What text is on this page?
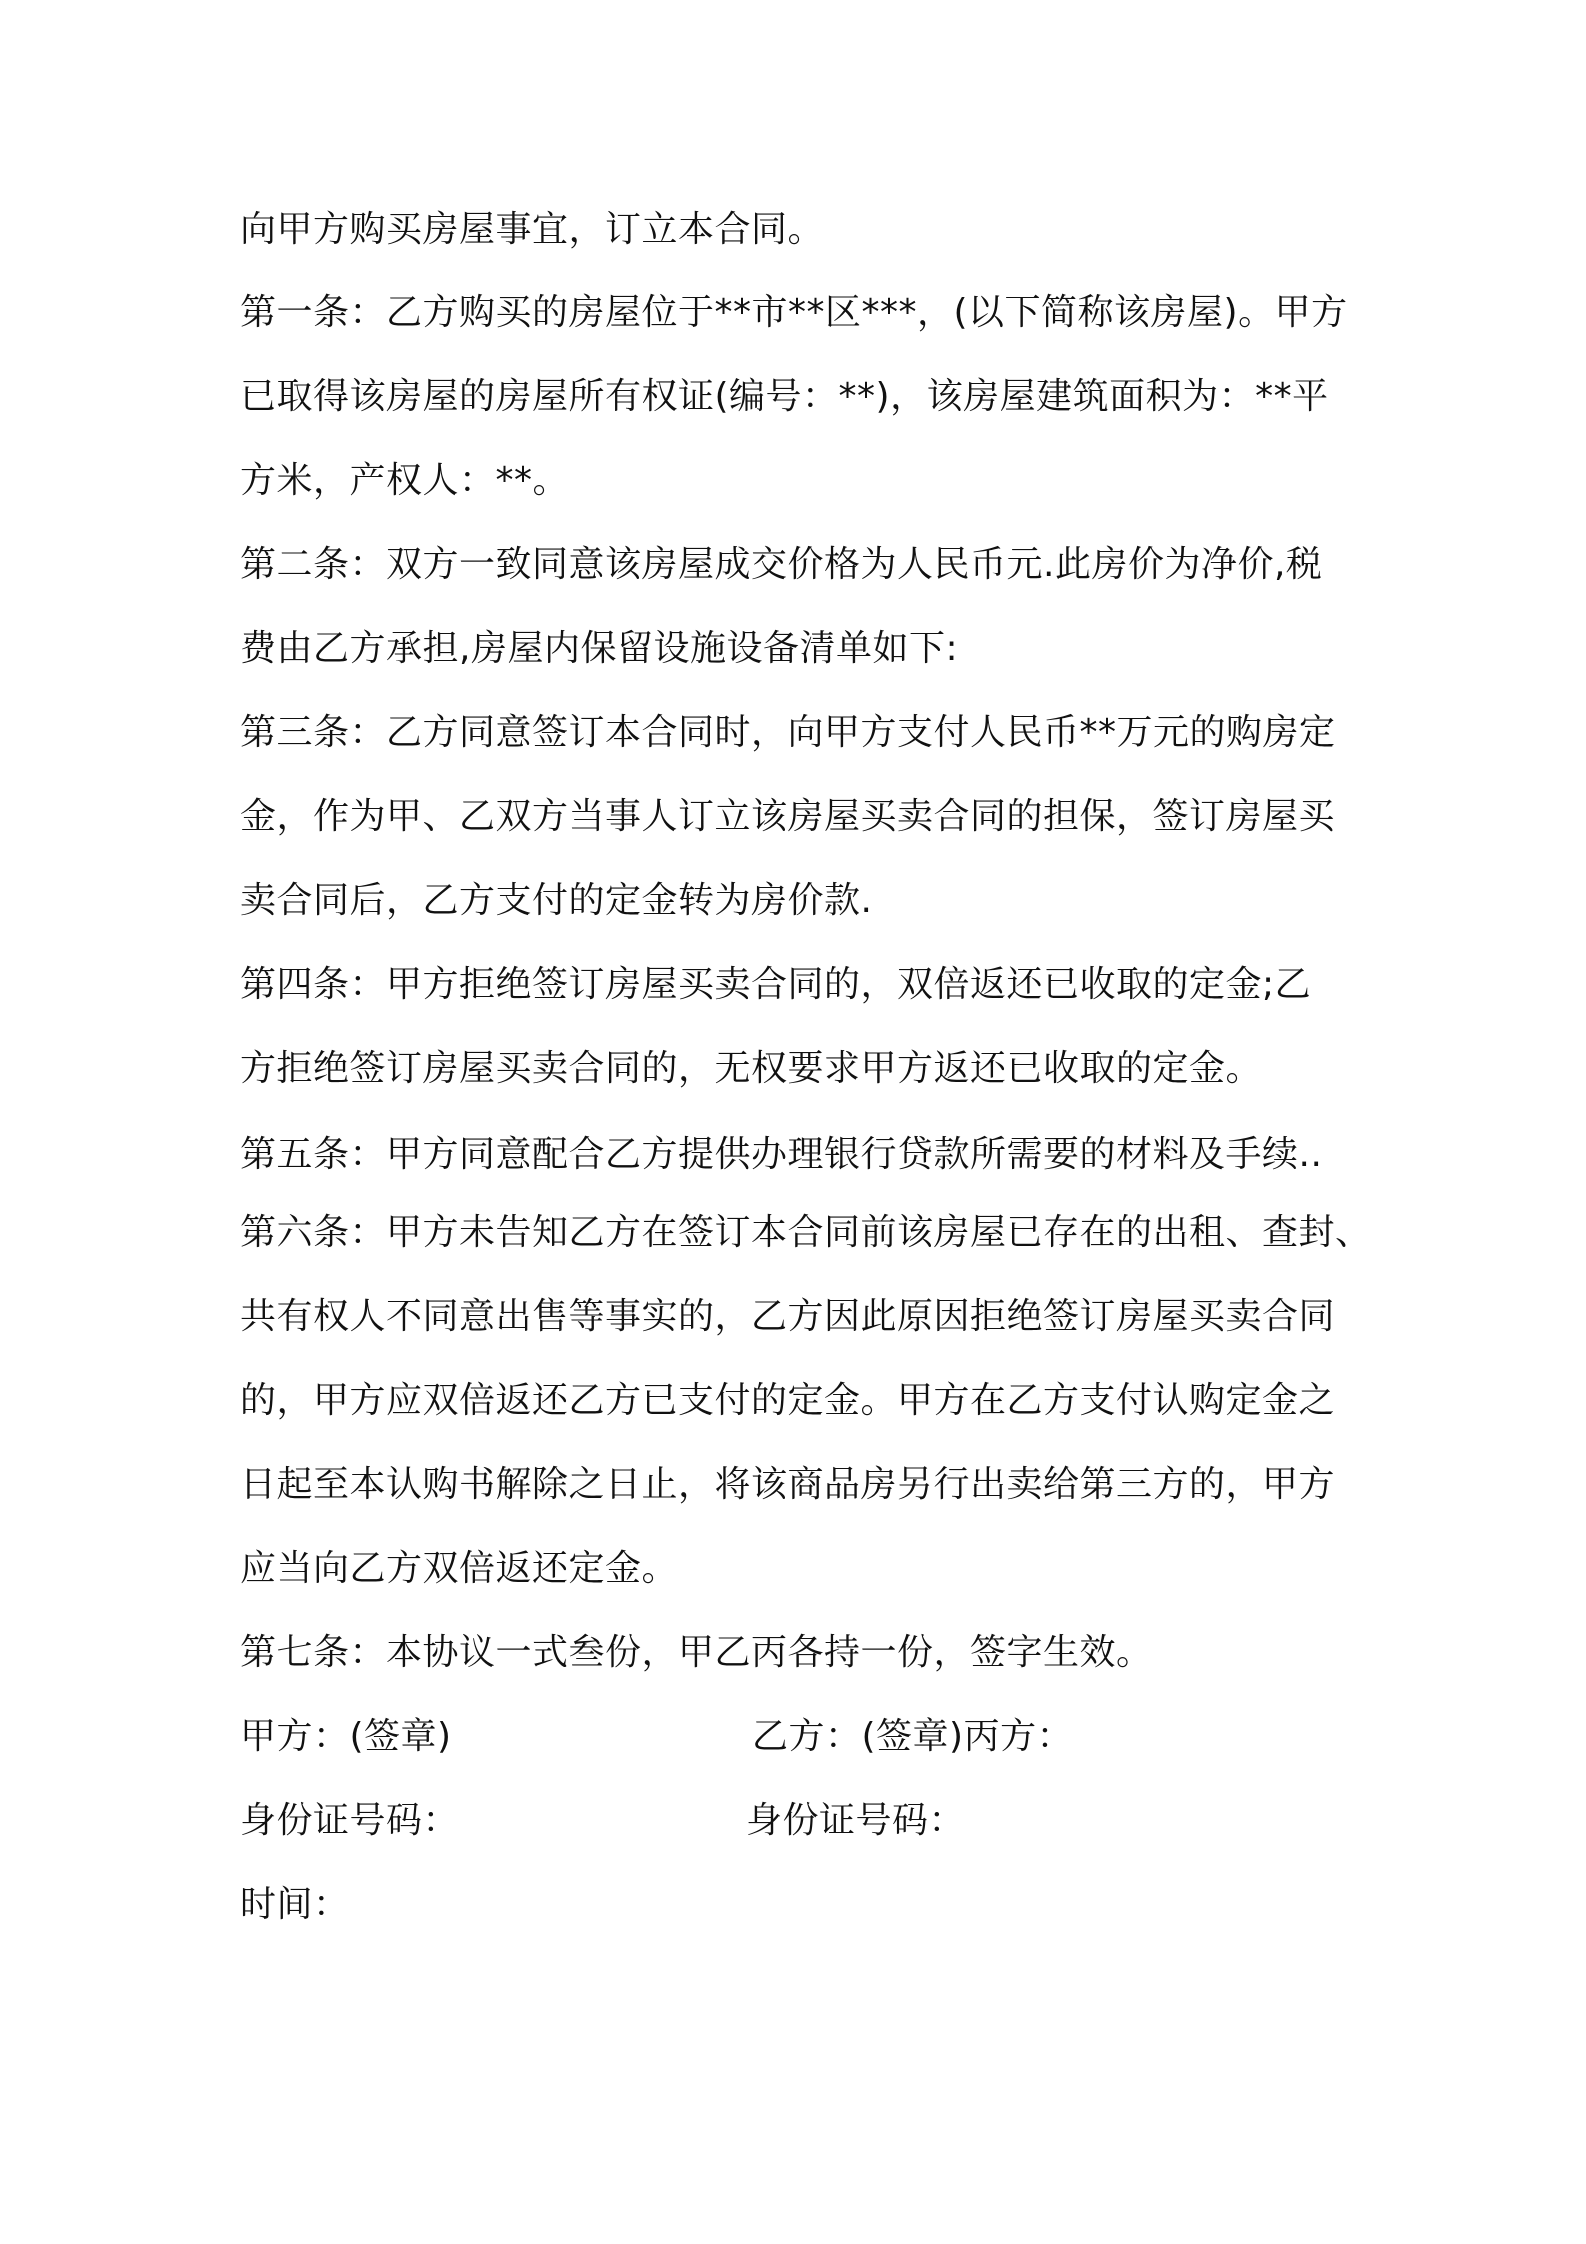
向甲方购买房屋事宜，订立本合同。
第一条：乙方购买的房屋位于**市**区***，(以下简称该房屋)。甲方
已取得该房屋的房屋所有权证(编号：**)，该房屋建筑面积为：**平
方米，产权人：**。
第二条：双方一致同意该房屋成交价格为人民币元.此房价为净价,税
费由乙方承担,房屋内保留设施设备清单如下:
第三条：乙方同意签订本合同时，向甲方支付人民币**万元的购房定
金，作为甲、乙双方当事人订立该房屋买卖合同的担保，签订房屋买
卖合同后，乙方支付的定金转为房价款.
第四条：甲方拒绝签订房屋买卖合同的，双倍返还已收取的定金;乙
方拒绝签订房屋买卖合同的，无权要求甲方返还已收取的定金。
第五条：甲方同意配合乙方提供办理银行贷款所需要的材料及手续..
第六条：甲方未告知乙方在签订本合同前该房屋已存在的出租、查封、
共有权人不同意出售等事实的，乙方因此原因拒绝签订房屋买卖合同
的，甲方应双倍返还乙方已支付的定金。甲方在乙方支付认购定金之
日起至本认购书解除之日止，将该商品房另行出卖给第三方的，甲方
应当向乙方双倍返还定金。
第七条：本协议一式叁份，甲乙丙各持一份，签字生效。
甲方：(签章)	乙方：(签章)丙方：
身份证号码：	身份证号码：
时间：
